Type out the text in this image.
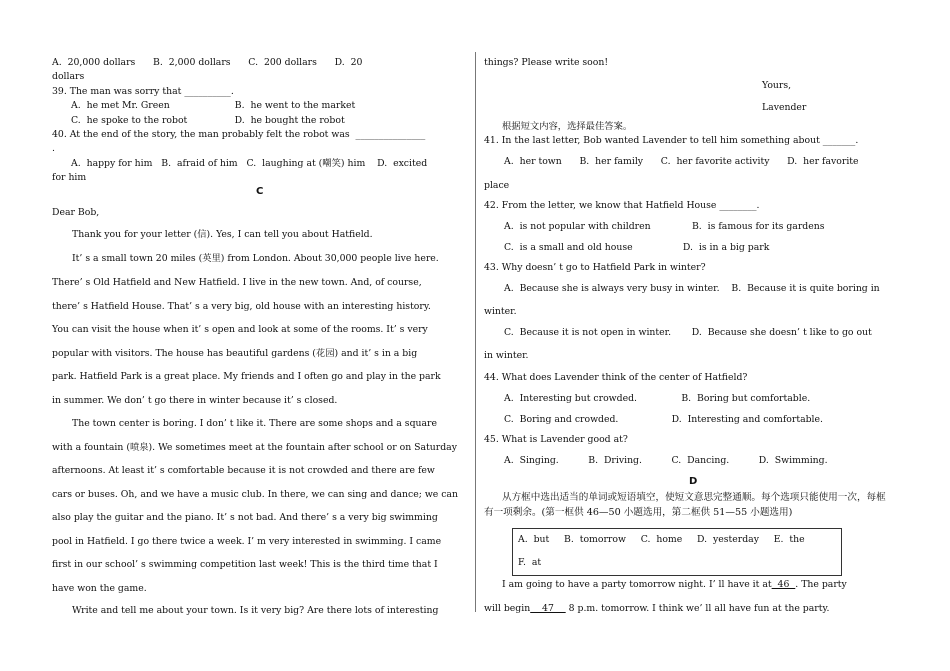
A.  20,000 dollars      B.  2,000 dollars      C.  200 dollars      D.  20
dollars
39. The man was sorry that __________.
A.  he met Mr. Green                      B.  he went to the market
C.  he spoke to the robot                D.  he bought the robot
40. At the end of the story, the man probably felt the robot was  _______________
.
A.  happy for him   B.  afraid of him   C.  laughing at (嘲笑) him    D.  excited
for him
C
Dear Bob,
Thank you for your letter (信). Yes, I can tell you about Hatfield.
It’ s a small town 20 miles (英里) from London. About 30,000 people live here.
There’ s Old Hatfield and New Hatfield. I live in the new town. And, of course,
there’ s Hatfield House. That’ s a very big, old house with an interesting history.
You can visit the house when it’ s open and look at some of the rooms. It’ s very
popular with visitors. The house has beautiful gardens (花园) and it’ s in a big
park. Hatfield Park is a great place. My friends and I often go and play in the park
in summer. We don’ t go there in winter because it’ s closed.
The town center is boring. I don’ t like it. There are some shops and a square
with a fountain (喷泉). We sometimes meet at the fountain after school or on Saturday
afternoons. At least it’ s comfortable because it is not crowded and there are few
cars or buses. Oh, and we have a music club. In there, we can sing and dance; we can
also play the guitar and the piano. It’ s not bad. And there’ s a very big swimming
pool in Hatfield. I go there twice a week. I’ m very interested in swimming. I came
first in our school’ s swimming competition last week! This is the third time that I
have won the game.
Write and tell me about your town. Is it very big? Are there lots of interesting
things? Please write soon!
Yours,
Lavender
根据短文内容，选择最佳答案。
41. In the last letter, Bob wanted Lavender to tell him something about _______.
A.  her town      B.  her family      C.  her favorite activity      D.  her favorite
place
42. From the letter, we know that Hatfield House ________.
A.  is not popular with children              B.  is famous for its gardens
C.  is a small and old house                 D.  is in a big park
43. Why doesn’ t go to Hatfield Park in winter?
A.  Because she is always very busy in winter.    B.  Because it is quite boring in
winter.
C.  Because it is not open in winter.       D.  Because she doesn’ t like to go out
in winter.
44. What does Lavender think of the center of Hatfield?
A.  Interesting but crowded.               B.  Boring but comfortable.
C.  Boring and crowded.                  D.  Interesting and comfortable.
45. What is Lavender good at?
A.  Singing.          B.  Driving.          C.  Dancing.          D.  Swimming.
D
从方框中选出适当的单词或短语填空，使短文意思完整通顺。每个选项只能使用一次，每框
有一项剩余。(第一框供 46—50 小题选用，第二框供 51—55 小题选用)
A.  but     B.  tomorrow     C.  home     D.  yesterday     E.  the
F.  at
I am going to have a party tomorrow night. I’ ll have it at  46  . The party
will begin    47     8 p.m. tomorrow. I think we’ ll all have fun at the party.
